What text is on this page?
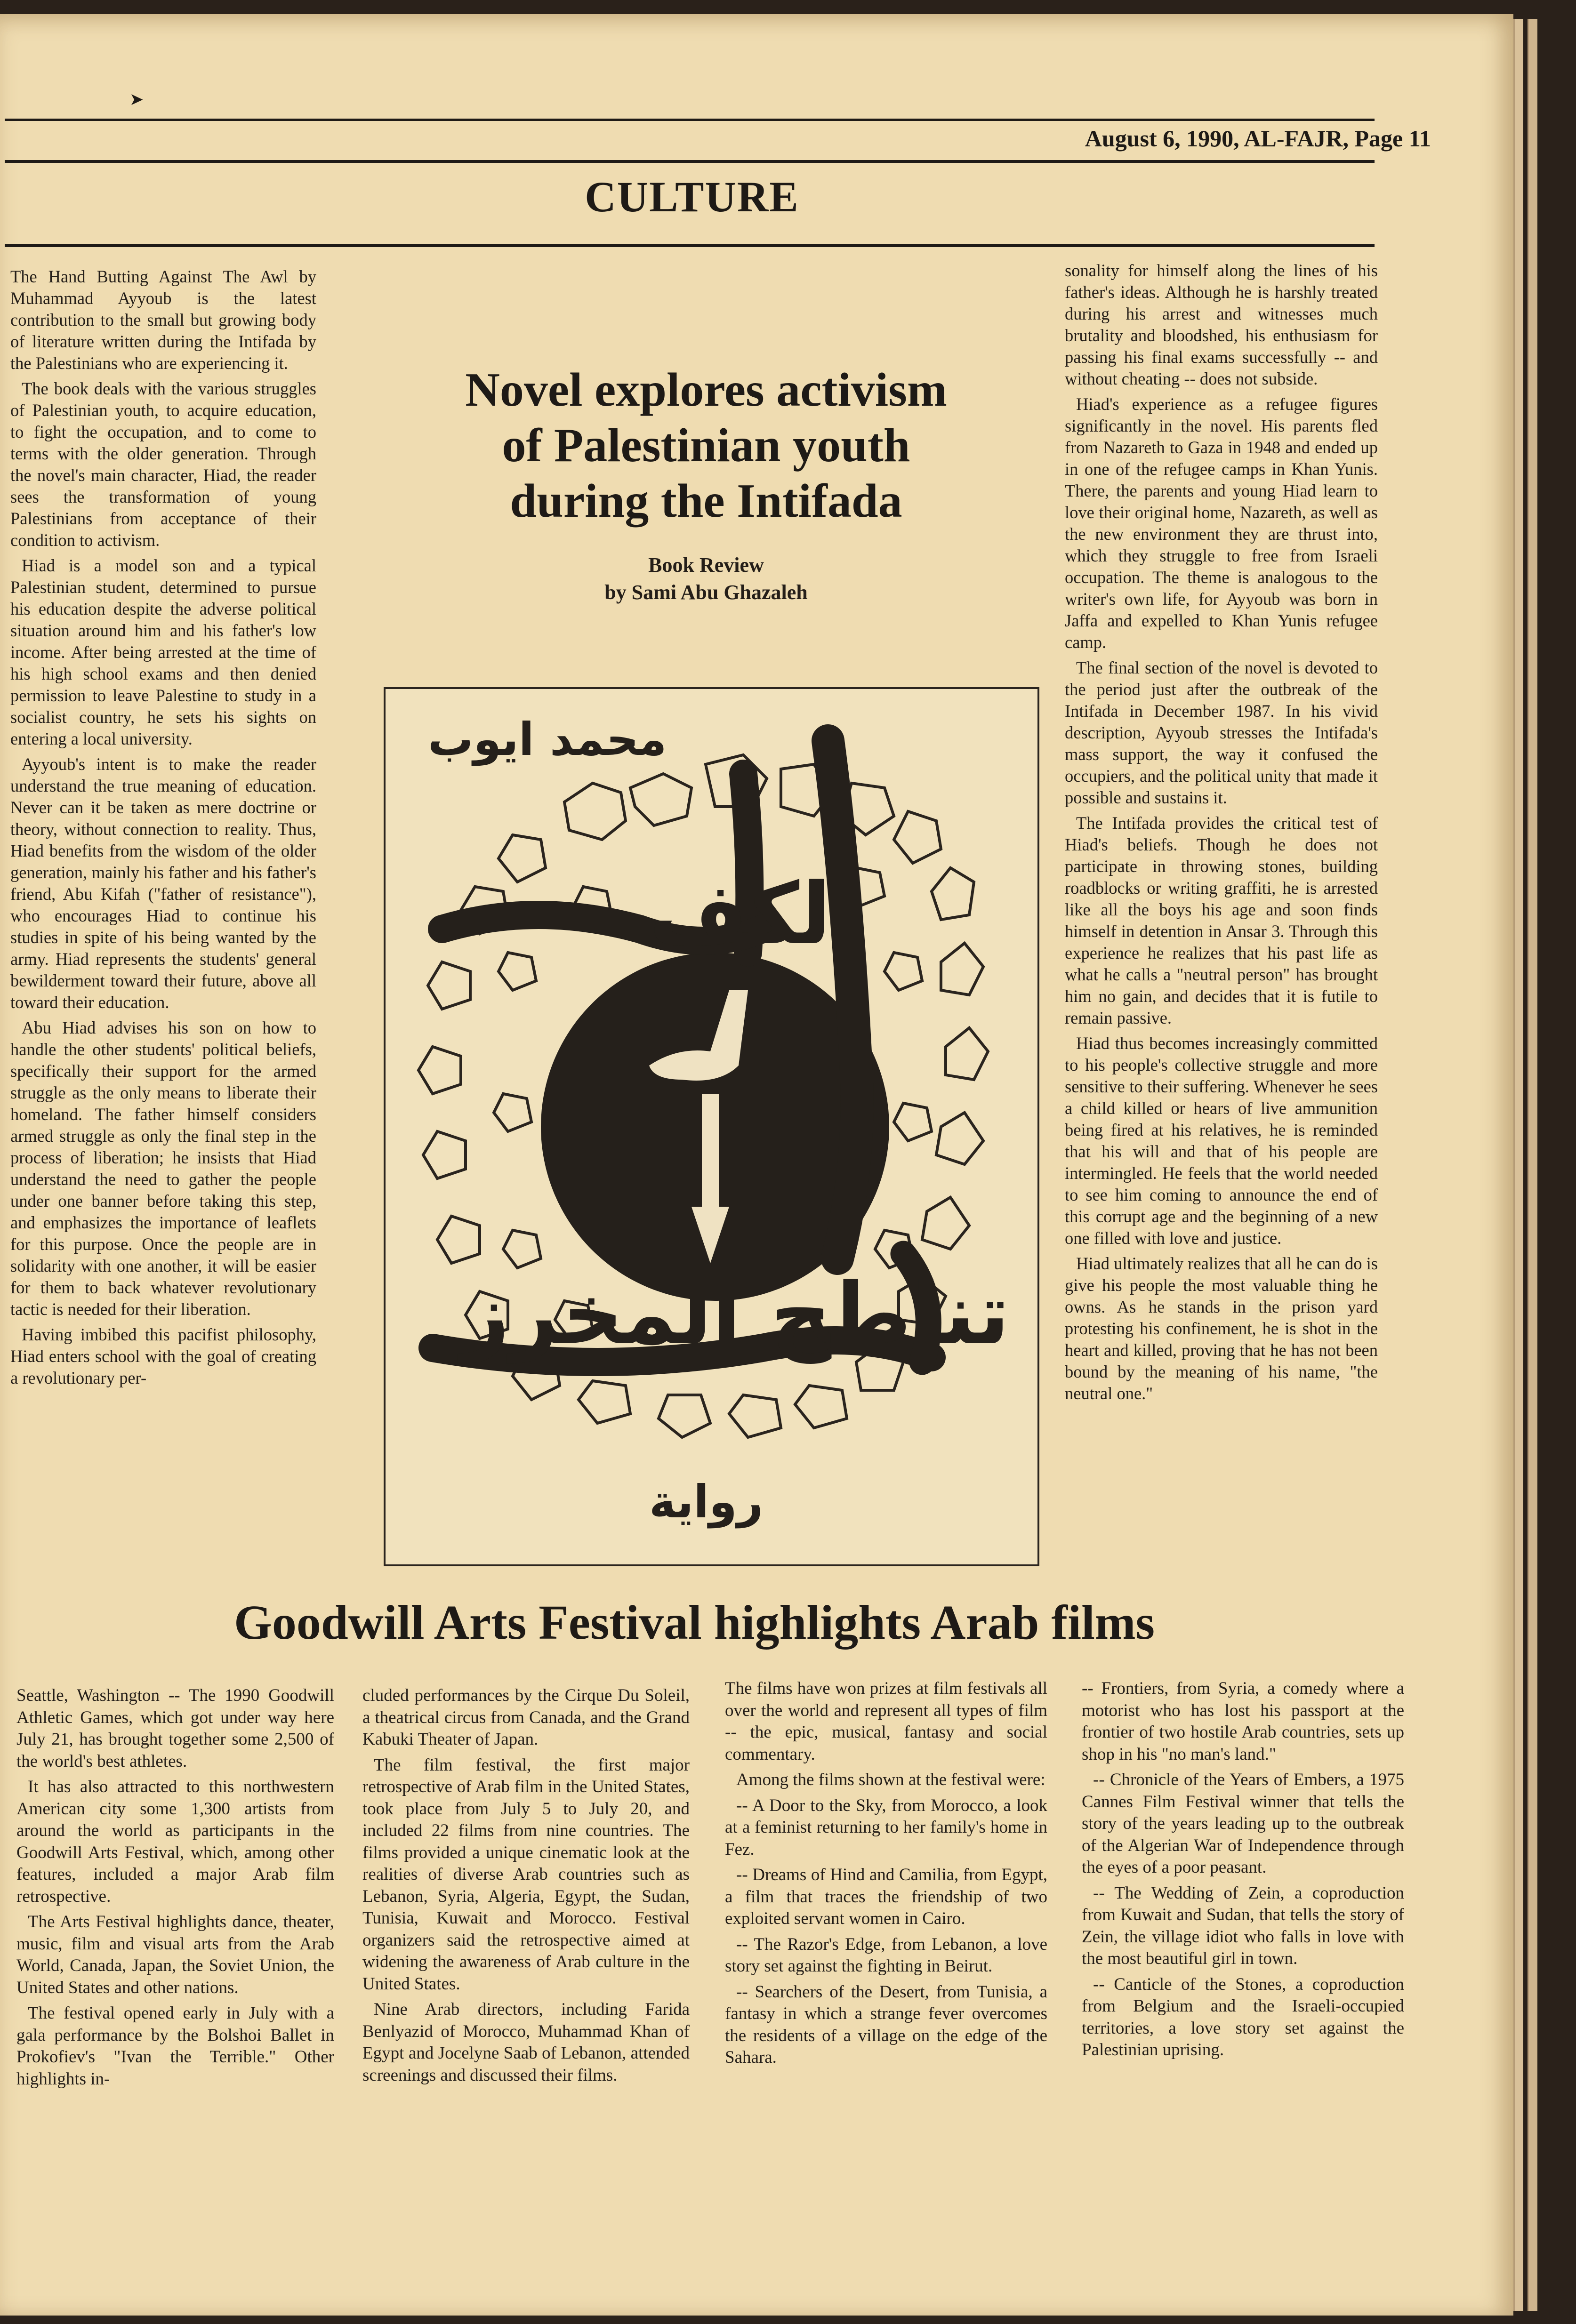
➤
August 6, 1990, AL-FAJR, Page 11
CULTURE

The Hand Butting Against The Awl by Muhammad Ayyoub is the latest contribution to the small but growing body of literature written during the Intifada by the Palestinians who are experiencing it.

The book deals with the various struggles of Palestinian youth, to acquire education, to fight the occupation, and to come to terms with the older generation. Through the novel's main character, Hiad, the reader sees the transformation of young Palestinians from acceptance of their condition to activism.

Hiad is a model son and a typical Palestinian student, determined to pursue his education despite the adverse political situation around him and his father's low income. After being arrested at the time of his high school exams and then denied permission to leave Palestine to study in a socialist country, he sets his sights on entering a local university.

Ayyoub's intent is to make the reader understand the true meaning of education. Never can it be taken as mere doctrine or theory, without connection to reality. Thus, Hiad benefits from the wisdom of the older generation, mainly his father and his father's friend, Abu Kifah ("father of resistance"), who encourages Hiad to continue his studies in spite of his being wanted by the army. Hiad represents the students' general bewilderment toward their future, above all toward their education.

Abu Hiad advises his son on how to handle the other students' political beliefs, specifically their support for the armed struggle as the only means to liberate their homeland. The father himself considers armed struggle as only the final step in the process of liberation; he insists that Hiad understand the need to gather the people under one banner before taking this step, and emphasizes the importance of leaflets for this purpose. Once the people are in solidarity with one another, it will be easier for them to back whatever revolutionary tactic is needed for their liberation.

Having imbibed this pacifist philosophy, Hiad enters school with the goal of creating a revolutionary per-

Novel explores activism
of Palestinian youth
during the Intifada
Book Review
by Sami Abu Ghazaleh
محمد ايوب
الكف
تناطح المخرز
رواية

sonality for himself along the lines of his father's ideas. Although he is harshly treated during his arrest and witnesses much brutality and bloodshed, his enthusiasm for passing his final exams successfully -- and without cheating -- does not subside.

Hiad's experience as a refugee figures significantly in the novel. His parents fled from Nazareth to Gaza in 1948 and ended up in one of the refugee camps in Khan Yunis. There, the parents and young Hiad learn to love their original home, Nazareth, as well as the new environment they are thrust into, which they struggle to free from Israeli occupation. The theme is analogous to the writer's own life, for Ayyoub was born in Jaffa and expelled to Khan Yunis refugee camp.

The final section of the novel is devoted to the period just after the outbreak of the Intifada in December 1987. In his vivid description, Ayyoub stresses the Intifada's mass support, the way it confused the occupiers, and the political unity that made it possible and sustains it.

The Intifada provides the critical test of Hiad's beliefs. Though he does not participate in throwing stones, building roadblocks or writing graffiti, he is arrested like all the boys his age and soon finds himself in detention in Ansar 3. Through this experience he realizes that his past life as what he calls a "neutral person" has brought him no gain, and decides that it is futile to remain passive.

Hiad thus becomes increasingly committed to his people's collective struggle and more sensitive to their suffering. Whenever he sees a child killed or hears of live ammunition being fired at his relatives, he is reminded that his will and that of his people are intermingled. He feels that the world needed to see him coming to announce the end of this corrupt age and the beginning of a new one filled with love and justice.

Hiad ultimately realizes that all he can do is give his people the most valuable thing he owns. As he stands in the prison yard protesting his confinement, he is shot in the heart and killed, proving that he has not been bound by the meaning of his name, "the neutral one."

Goodwill Arts Festival highlights Arab films

Seattle, Washington -- The 1990 Goodwill Athletic Games, which got under way here July 21, has brought together some 2,500 of the world's best athletes.

It has also attracted to this northwestern American city some 1,300 artists from around the world as participants in the Goodwill Arts Festival, which, among other features, included a major Arab film retrospective.

The Arts Festival highlights dance, theater, music, film and visual arts from the Arab World, Canada, Japan, the Soviet Union, the United States and other nations.

The festival opened early in July with a gala performance by the Bolshoi Ballet in Prokofiev's "Ivan the Terrible." Other highlights in-

cluded performances by the Cirque Du Soleil, a theatrical circus from Canada, and the Grand Kabuki Theater of Japan.

The film festival, the first major retrospective of Arab film in the United States, took place from July 5 to July 20, and included 22 films from nine countries. The films provided a unique cinematic look at the realities of diverse Arab countries such as Lebanon, Syria, Algeria, Egypt, the Sudan, Tunisia, Kuwait and Morocco. Festival organizers said the retrospective aimed at widening the awareness of Arab culture in the United States.

Nine Arab directors, including Farida Benlyazid of Morocco, Muhammad Khan of Egypt and Jocelyne Saab of Lebanon, attended screenings and discussed their films.

The films have won prizes at film festivals all over the world and represent all types of film -- the epic, musical, fantasy and social commentary.

Among the films shown at the festival were:

-- A Door to the Sky, from Morocco, a look at a feminist returning to her family's home in Fez.

-- Dreams of Hind and Camilia, from Egypt, a film that traces the friendship of two exploited servant women in Cairo.

-- The Razor's Edge, from Lebanon, a love story set against the fighting in Beirut.

-- Searchers of the Desert, from Tunisia, a fantasy in which a strange fever overcomes the residents of a village on the edge of the Sahara.

-- Frontiers, from Syria, a comedy where a motorist who has lost his passport at the frontier of two hostile Arab countries, sets up shop in his "no man's land."

-- Chronicle of the Years of Embers, a 1975 Cannes Film Festival winner that tells the story of the years leading up to the outbreak of the Algerian War of Independence through the eyes of a poor peasant.

-- The Wedding of Zein, a coproduction from Kuwait and Sudan, that tells the story of Zein, the village idiot who falls in love with the most beautiful girl in town.

-- Canticle of the Stones, a coproduction from Belgium and the Israeli-occupied territories, a love story set against the Palestinian uprising.
